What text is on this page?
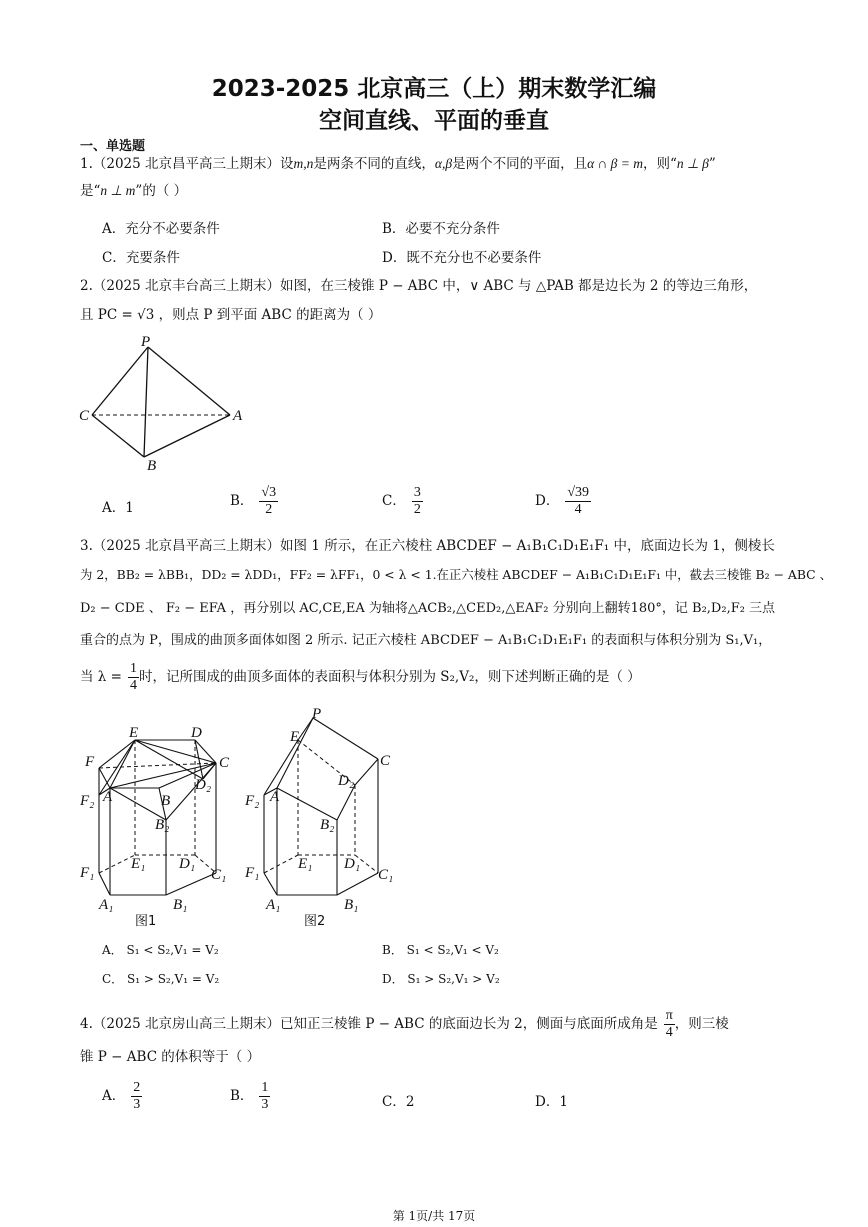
2023-2025 北京高三（上）期末数学汇编
空间直线、平面的垂直
一、单选题
1.（2025 北京昌平高三上期末）设m,n是两条不同的直线，α,β是两个不同的平面，且α ∩ β = m，则“n ⊥ β”
是“n ⊥ m”的（ ）
A．充分不必要条件	B．必要不充分条件
C．充要条件	D．既不充分也不必要条件
2.（2025 北京丰台高三上期末）如图，在三棱锥 P − ABC 中，∨ ABC 与 △PAB 都是边长为 2 的等边三角形，
且 PC = √3 ，则点 P 到平面 ABC 的距离为（ ）
P
C	A
B
A．1	B． $\frac{√3}{2}$	C． $\frac{3}{2}$	D． $\frac{√39}{4}$
3.（2025 北京昌平高三上期末）如图 1 所示，在正六棱柱 ABCDEF − A₁B₁C₁D₁E₁F₁ 中，底面边长为 1，侧棱长
为 2，BB₂ = λBB₁，DD₂ = λDD₁，FF₂ = λFF₁，0 < λ < 1.在正六棱柱 ABCDEF − A₁B₁C₁D₁E₁F₁ 中，截去三棱锥 B₂ − ABC 、
D₂ − CDE 、 F₂ − EFA ，再分别以 AC,CE,EA 为轴将△ACB₂,△CED₂,△EAF₂ 分别向上翻转180°，记 B₂,D₂,F₂ 三点
重合的点为 P，围成的曲顶多面体如图 2 所示. 记正六棱柱 ABCDEF − A₁B₁C₁D₁E₁F₁ 的表面积与体积分别为 S₁,V₁，
当 $\lambda = \frac{1}{4}$ 时，记所围成的曲顶多面体的表面积与体积分别为 S₂,V₂，则下述判断正确的是（ ）
E	D
F	C
F₂ A
D₂
B
B₂
E₁ D₁
F₁	C₁
A₁	B₁
图1
P
E
D₂
C
F₂ A
B₂
E₁ D₁
F₁	C₁
A₁	B₁
图2
A． S₁ < S₂,V₁ = V₂	B． S₁ < S₂,V₁ < V₂
C． S₁ > S₂,V₁ = V₂	D． S₁ > S₂,V₁ > V₂
4.（2025 北京房山高三上期末）已知正三棱锥 P − ABC 的底面边长为 2，侧面与底面所成角是 $\frac{\pi}{4}$ ，则三棱
锥 P − ABC 的体积等于（ ）
A． $\frac{2}{3}$	B． $\frac{1}{3}$	C．2	D．1
第 1页/共 17页
